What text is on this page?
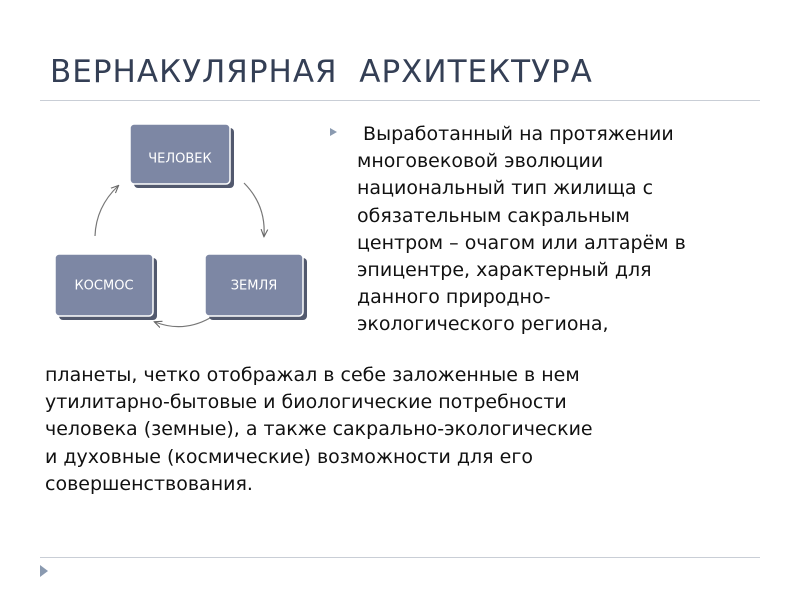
ВЕРНАКУЛЯРНАЯ  АРХИТЕКТУРА
ЧЕЛОВЕК
ЗЕМЛЯ
КОСМОС

Выработанный на протяжении
многовековой эволюции
национальный тип жилища с
обязательным сакральным
центром – очагом или алтарём в
эпицентре, характерный для
данного природно-
экологического региона,

планеты, четко отображал в себе заложенные в нем
утилитарно-бытовые и биологические потребности
человека (земные), а также сакрально-экологические
и духовные (космические) возможности для его
совершенствования.
